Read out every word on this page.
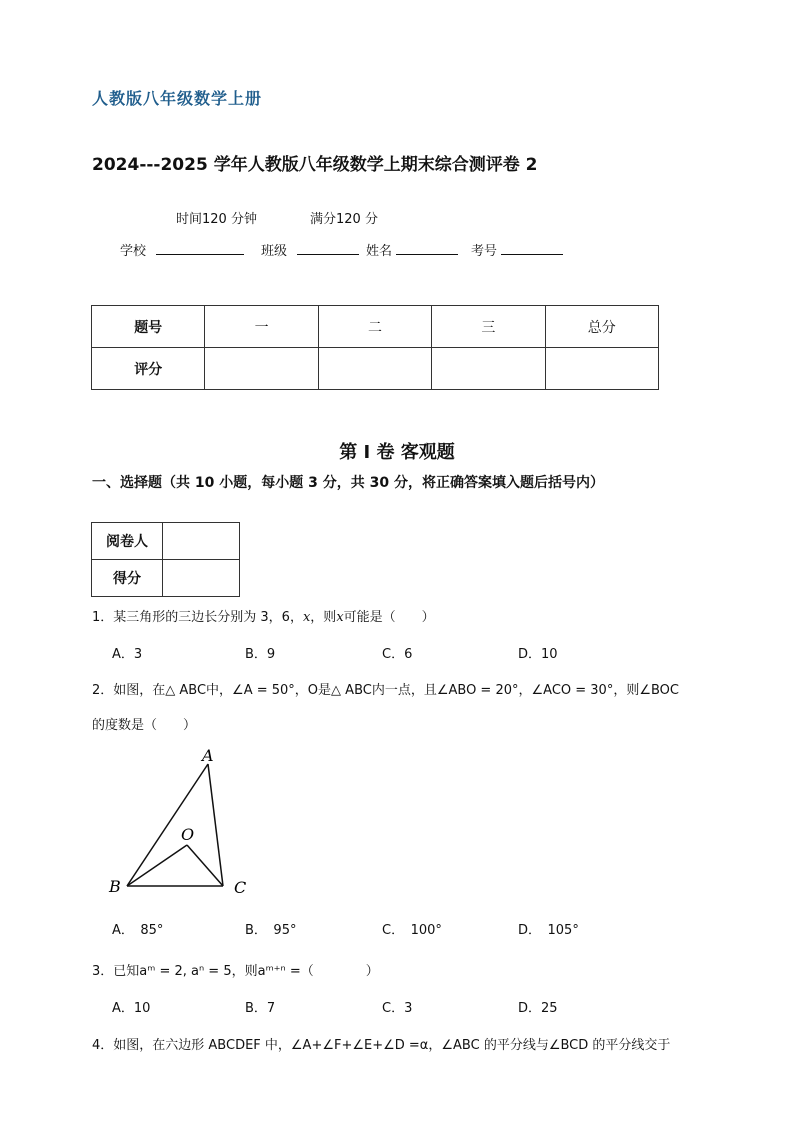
人教版八年级数学上册
2024---2025 学年人教版八年级数学上期末综合测评卷 2
时间120 分钟	满分120 分
学校	班级	姓名	考号
题号	一	二	三	总分
评分				
第 I 卷 客观题
一、选择题（共 10 小题，每小题 3 分，共 30 分，将正确答案填入题后括号内）
阅卷人	
得分	
1．某三角形的三边长分别为 3，6，x，则x可能是（　　）
A．3	B．9	C．6	D．10
2．如图，在△ ABC中，∠A = 50°，O是△ ABC内一点，且∠ABO = 20°，∠ACO = 30°，则∠BOC
的度数是（　　）
A
B	C
O
A．　85°	B．　95°	C．　100°	D．　105°
3．已知aᵐ = 2, aⁿ = 5，则aᵐ⁺ⁿ =（　　　　）
A．10	B．7	C．3	D．25
4．如图，在六边形 ABCDEF 中，∠A+∠F+∠E+∠D =α，∠ABC 的平分线与∠BCD 的平分线交于
